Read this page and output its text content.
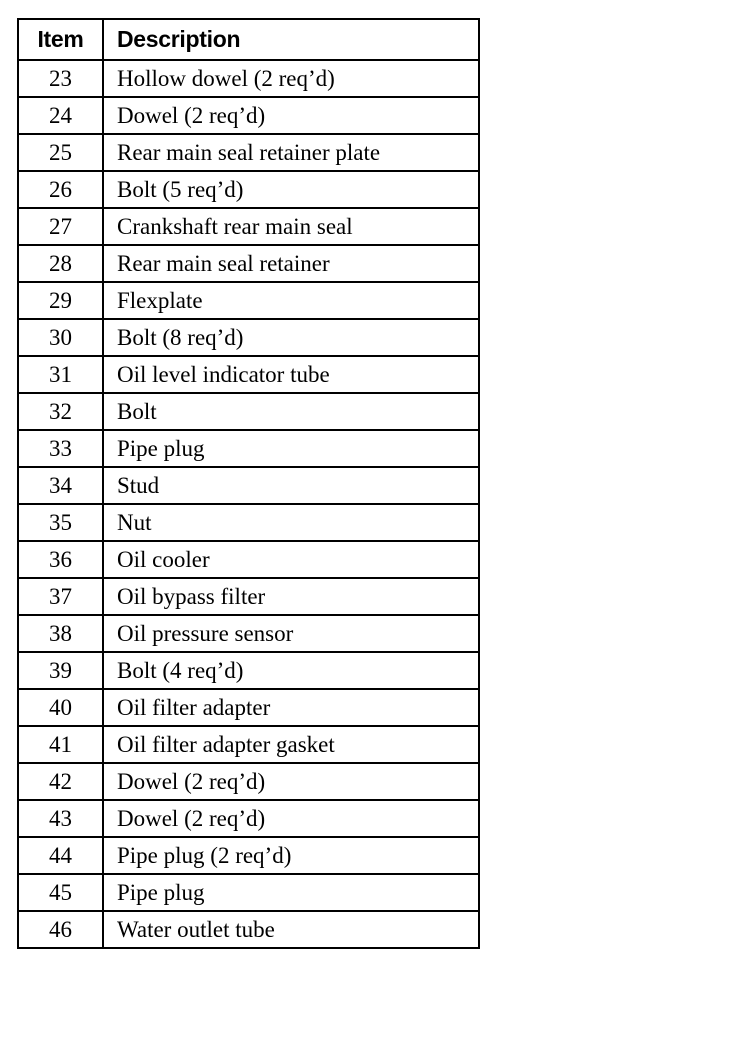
Item	Description
23	Hollow dowel (2 req’d)
24	Dowel (2 req’d)
25	Rear main seal retainer plate
26	Bolt (5 req’d)
27	Crankshaft rear main seal
28	Rear main seal retainer
29	Flexplate
30	Bolt (8 req’d)
31	Oil level indicator tube
32	Bolt
33	Pipe plug
34	Stud
35	Nut
36	Oil cooler
37	Oil bypass filter
38	Oil pressure sensor
39	Bolt (4 req’d)
40	Oil filter adapter
41	Oil filter adapter gasket
42	Dowel (2 req’d)
43	Dowel (2 req’d)
44	Pipe plug (2 req’d)
45	Pipe plug
46	Water outlet tube
